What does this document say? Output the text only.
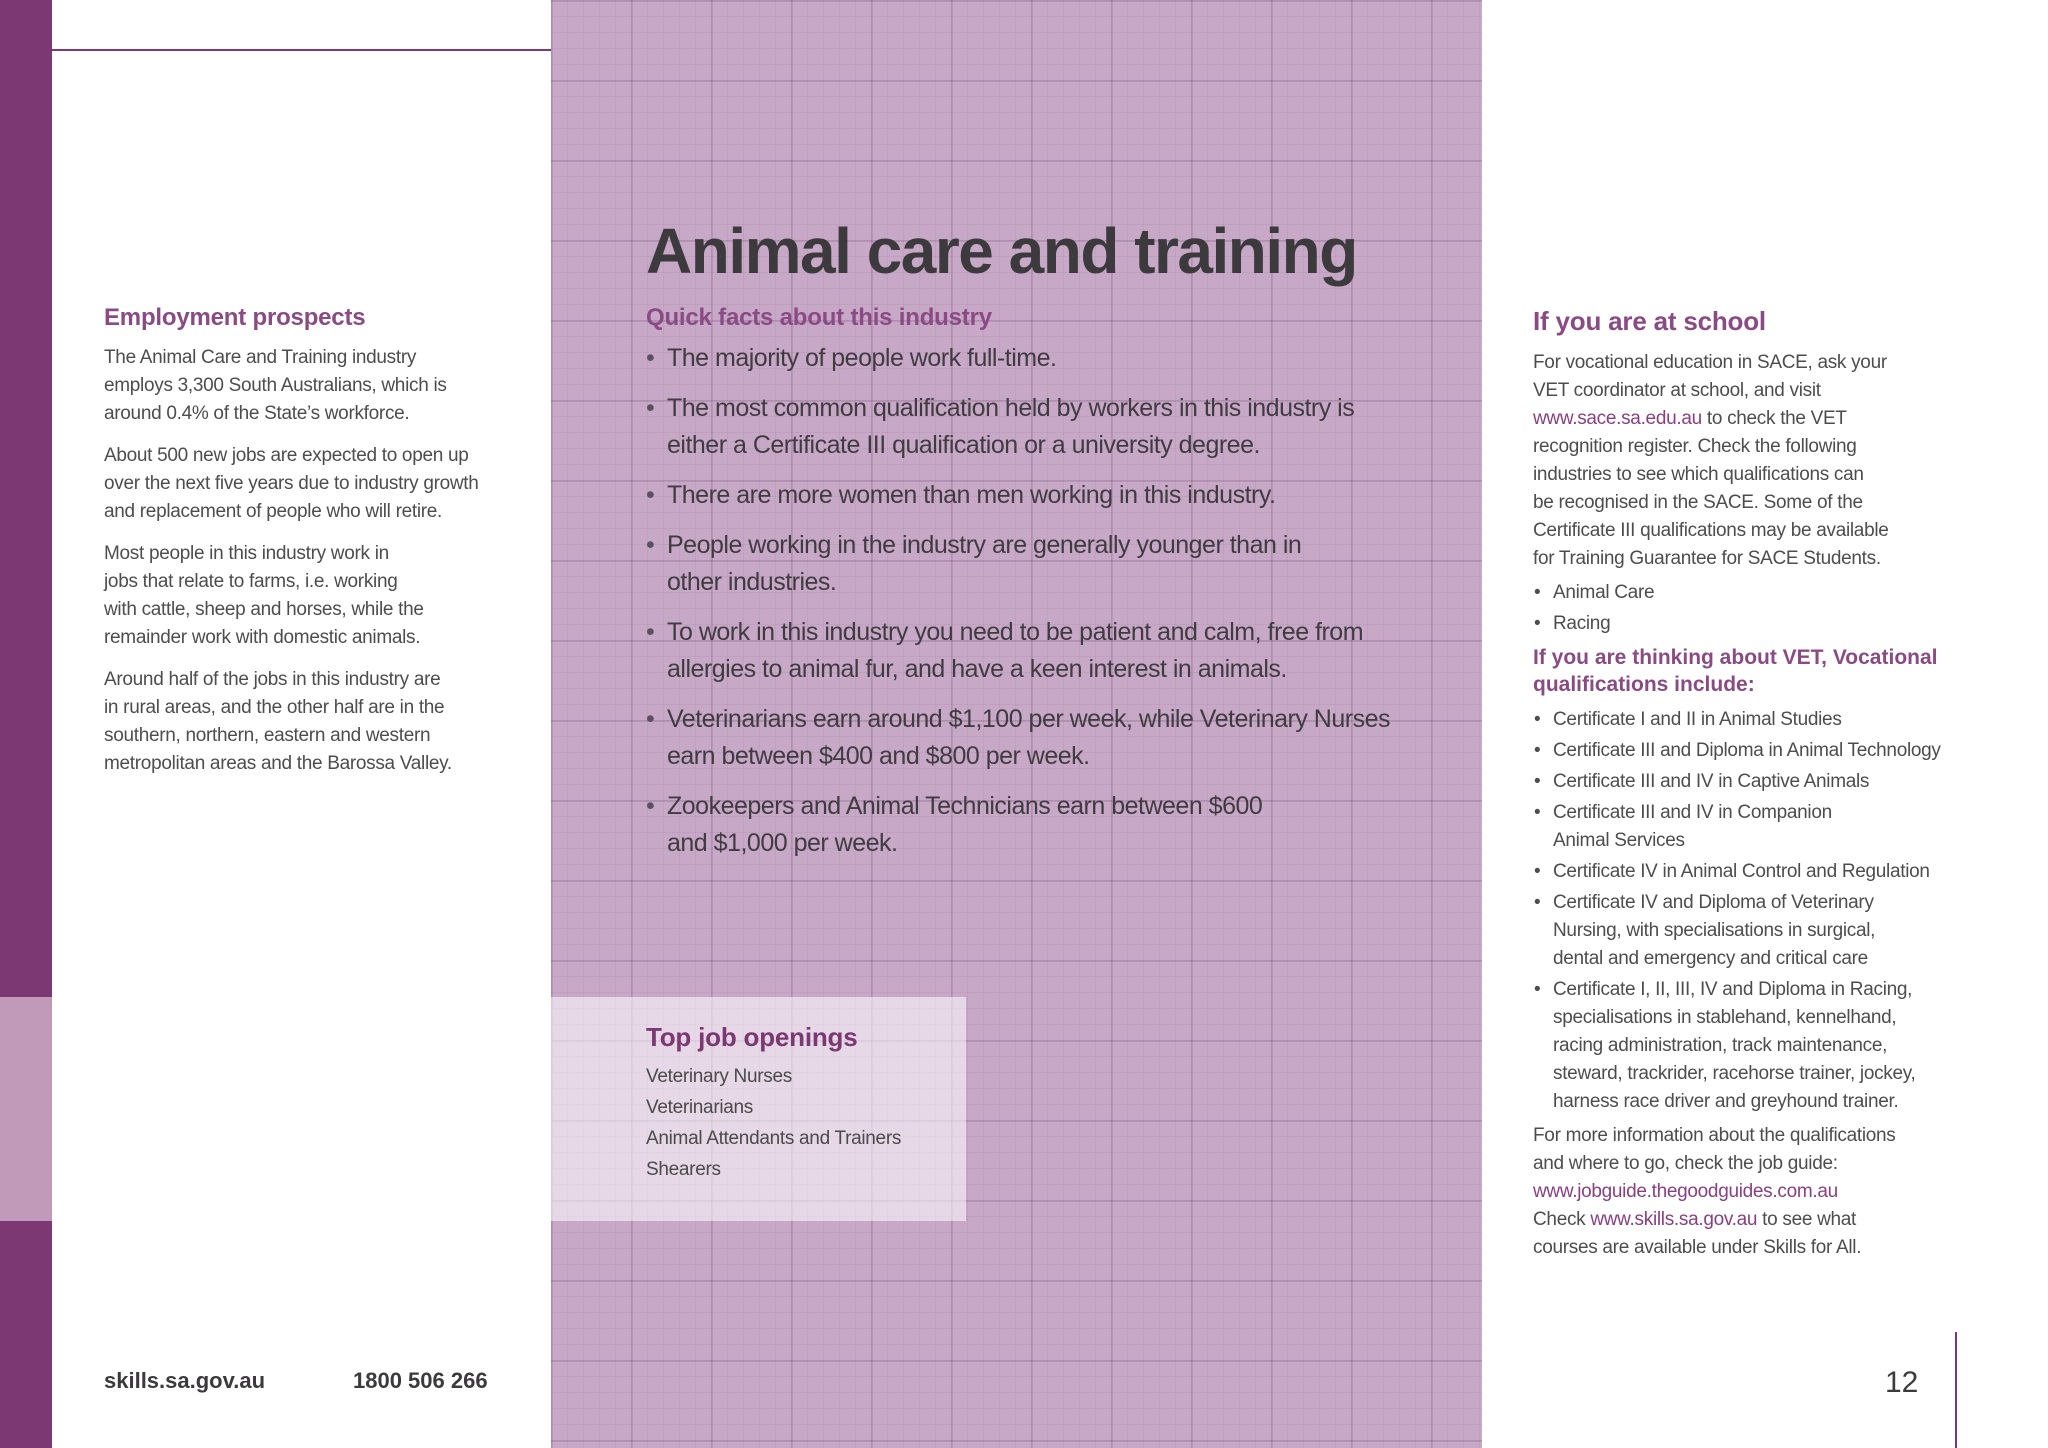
Animal care and training
Employment prospects

The Animal Care and Training industry
employs 3,300 South Australians, which is
around 0.4% of the State’s workforce.

About 500 new jobs are expected to open up
over the next five years due to industry growth
and replacement of people who will retire.

Most people in this industry work in
jobs that relate to farms, i.e. working
with cattle, sheep and horses, while the
remainder work with domestic animals.

Around half of the jobs in this industry are
in rural areas, and the other half are in the
southern, northern, eastern and western
metropolitan areas and the Barossa Valley.

Quick facts about this industry
• The majority of people work full-time.
• The most common qualification held by workers in this industry is
either a Certificate III qualification or a university degree.
• There are more women than men working in this industry.
• People working in the industry are generally younger than in
other industries.
• To work in this industry you need to be patient and calm, free from
allergies to animal fur, and have a keen interest in animals.
• Veterinarians earn around $1,100 per week, while Veterinary Nurses
earn between $400 and $800 per week.
• Zookeepers and Animal Technicians earn between $600
and $1,000 per week.
Top job openings
Veterinary Nurses
Veterinarians
Animal Attendants and Trainers
Shearers
If you are at school

For vocational education in SACE, ask your
VET coordinator at school, and visit
www.sace.sa.edu.au to check the VET
recognition register. Check the following
industries to see which qualifications can
be recognised in the SACE. Some of the
Certificate III qualifications may be available
for Training Guarantee for SACE Students.

• Animal Care
• Racing
If you are thinking about VET, Vocational
qualifications include:
• Certificate I and II in Animal Studies
• Certificate III and Diploma in Animal Technology
• Certificate III and IV in Captive Animals
• Certificate III and IV in Companion
Animal Services
• Certificate IV in Animal Control and Regulation
• Certificate IV and Diploma of Veterinary
Nursing, with specialisations in surgical,
dental and emergency and critical care
• Certificate I, II, III, IV and Diploma in Racing,
specialisations in stablehand, kennelhand,
racing administration, track maintenance,
steward, trackrider, racehorse trainer, jockey,
harness race driver and greyhound trainer.

For more information about the qualifications
and where to go, check the job guide:
www.jobguide.thegoodguides.com.au
Check www.skills.sa.gov.au to see what
courses are available under Skills for All.

skills.sa.gov.au	1800 506 266	12
